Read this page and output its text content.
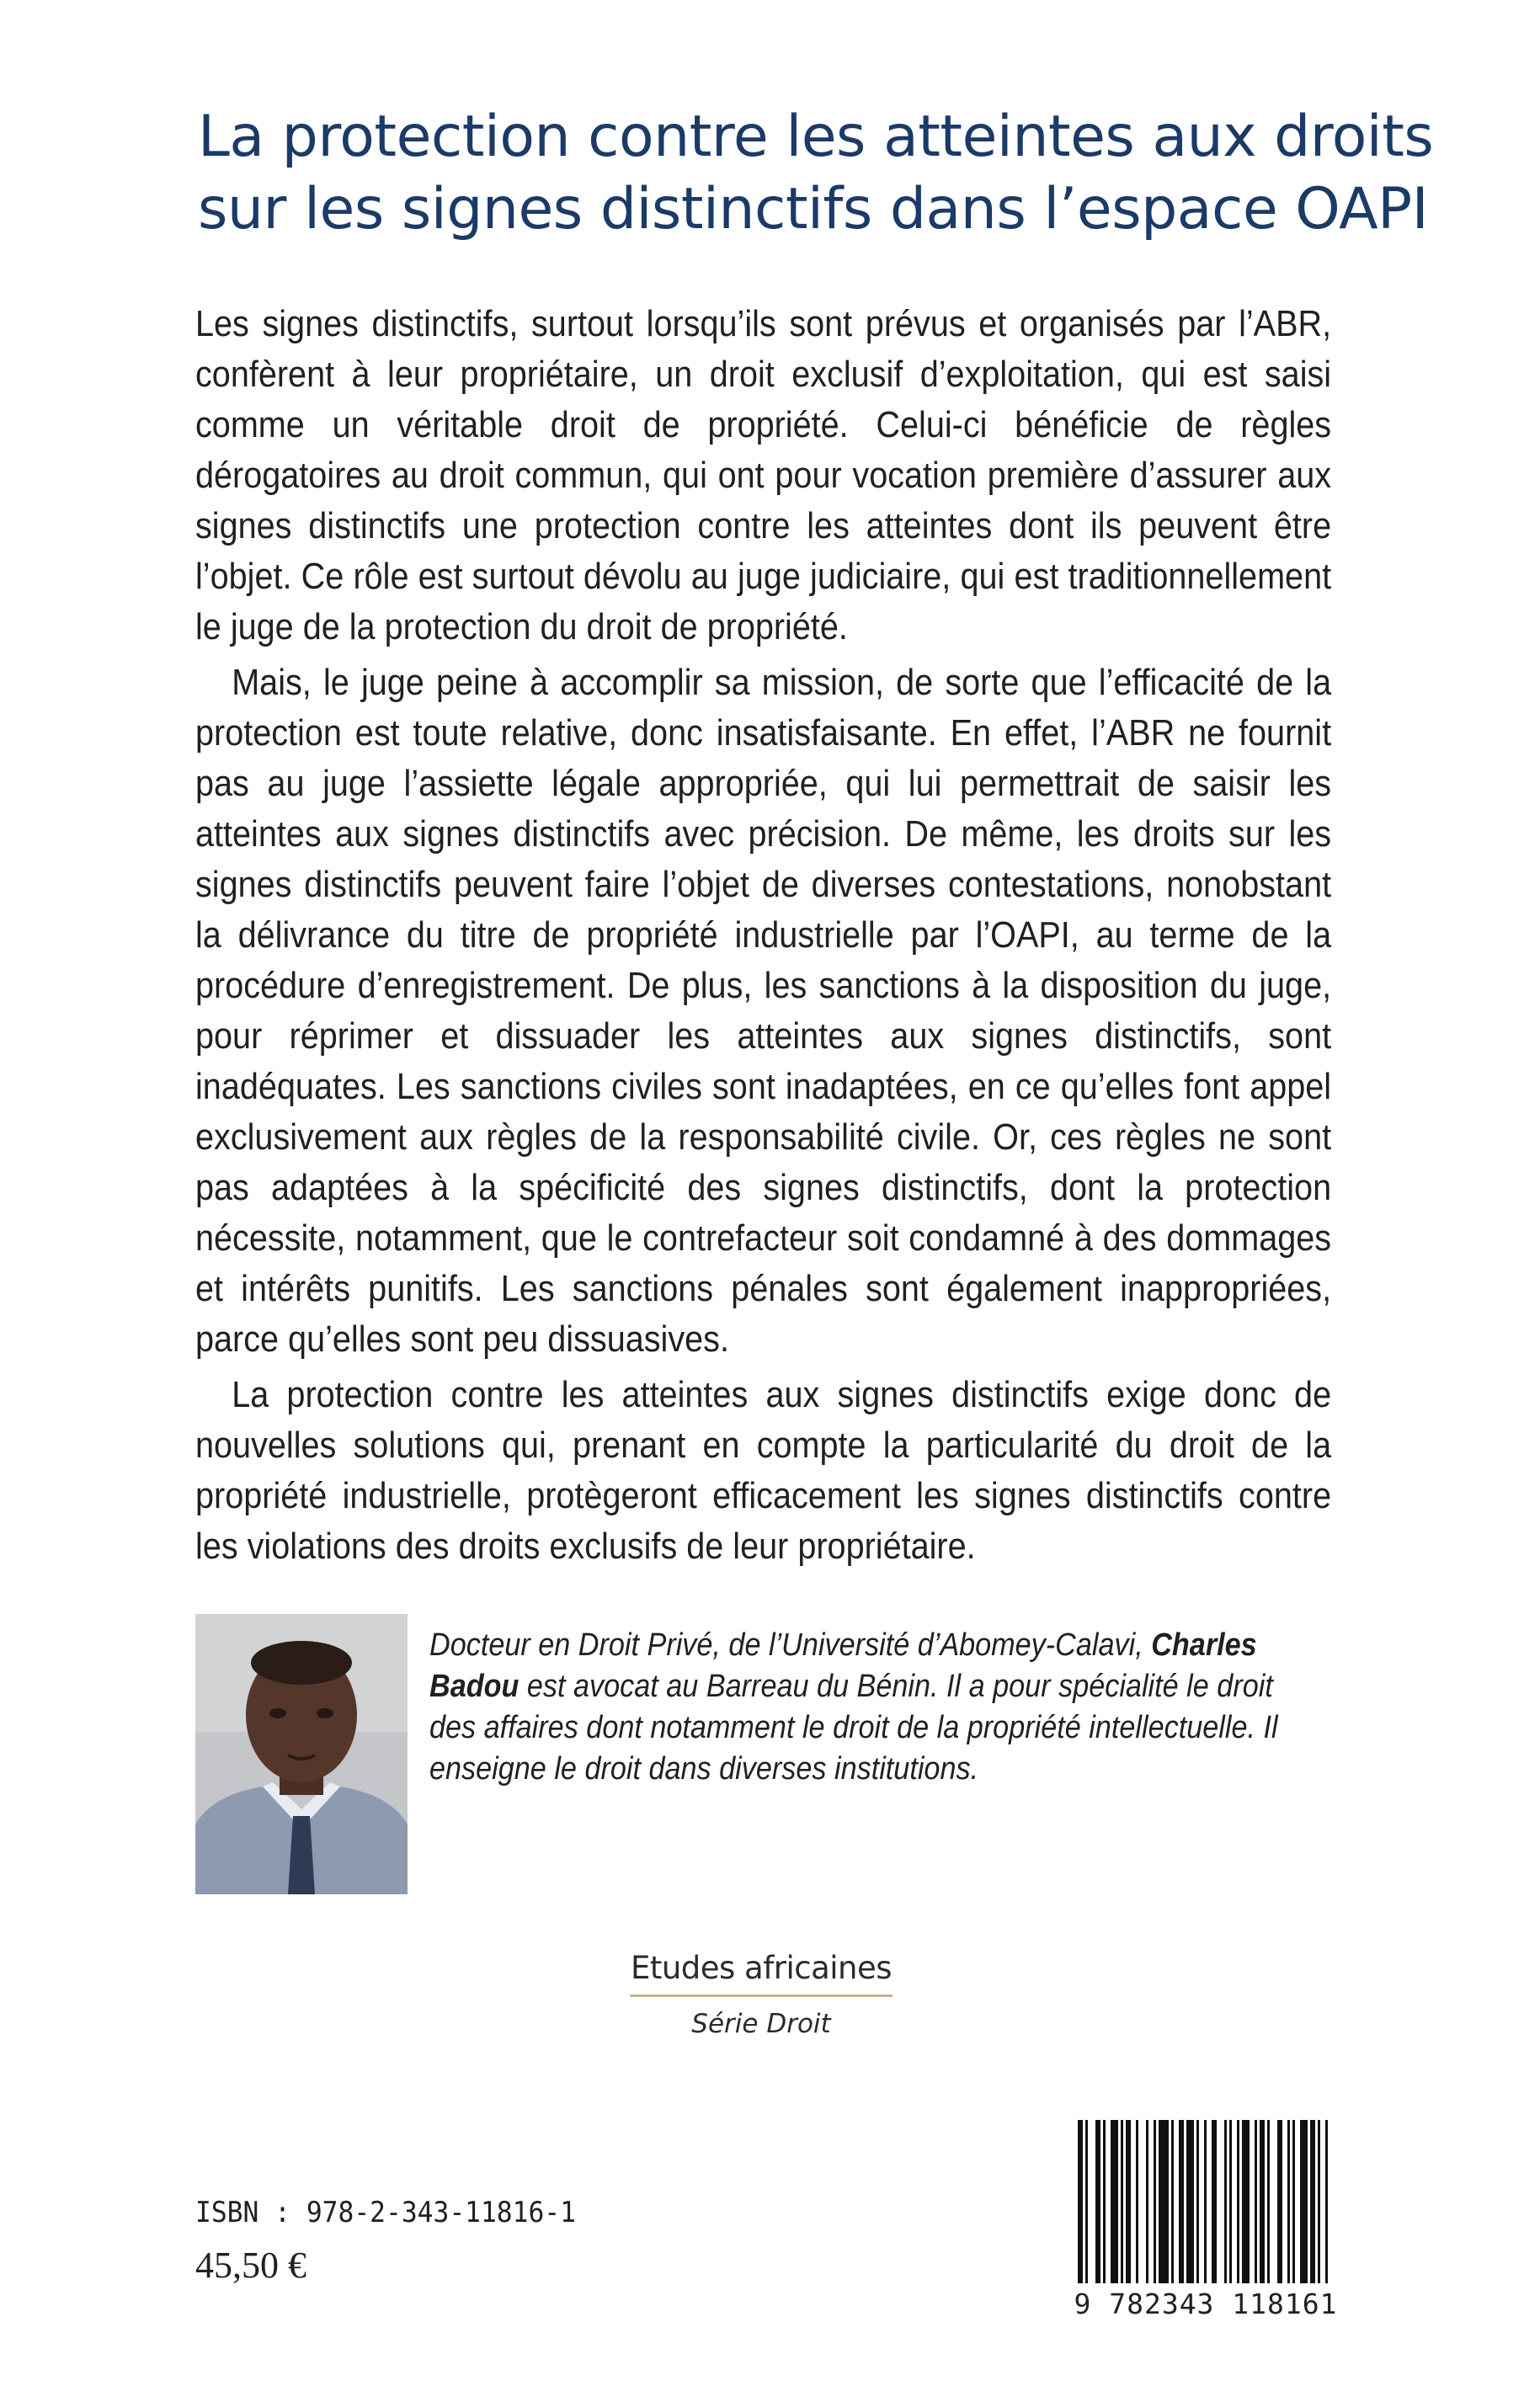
La protection contre les atteintes aux droits
sur les signes distinctifs dans l’espace OAPI

Les signes distinctifs, surtout lorsqu’ils sont prévus et organisés par l’ABR, confèrent à leur propriétaire, un droit exclusif d’exploitation, qui est saisi comme un véritable droit de propriété. Celui-ci bénéficie de règles dérogatoires au droit commun, qui ont pour vocation première d’assurer aux signes distinctifs une protection contre les atteintes dont ils peuvent être l’objet. Ce rôle est surtout dévolu au juge judiciaire, qui est traditionnellement le juge de la protection du droit de propriété.

Mais, le juge peine à accomplir sa mission, de sorte que l’efficacité de la protection est toute relative, donc insatisfaisante. En effet, l’ABR ne fournit pas au juge l’assiette légale appropriée, qui lui permettrait de saisir les atteintes aux signes distinctifs avec précision. De même, les droits sur les signes distinctifs peuvent faire l’objet de diverses contestations, nonobstant la délivrance du titre de propriété industrielle par l’OAPI, au terme de la procédure d’enregistrement. De plus, les sanctions à la disposition du juge, pour réprimer et dissuader les atteintes aux signes distinctifs, sont inadéquates. Les sanctions civiles sont inadaptées, en ce qu’elles font appel exclusivement aux règles de la responsabilité civile. Or, ces règles ne sont pas adaptées à la spécificité des signes distinctifs, dont la protection nécessite, notamment, que le contrefacteur soit condamné à des dommages et intérêts punitifs. Les sanctions pénales sont également inappropriées, parce qu’elles sont peu dissuasives.

La protection contre les atteintes aux signes distinctifs exige donc de nouvelles solutions qui, prenant en compte la particularité du droit de la propriété industrielle, protègeront efficacement les signes distinctifs contre les violations des droits exclusifs de leur propriétaire.

Docteur en Droit Privé, de l’Université d’Abomey-Calavi, Charles Badou est avocat au Barreau du Bénin. Il a pour spécialité le droit des affaires dont notamment le droit de la propriété intellectuelle. Il enseigne le droit dans diverses institutions.
Etudes africaines
Série Droit
ISBN : 978-2-343-11816-1
45,50 €
9 782343 118161
